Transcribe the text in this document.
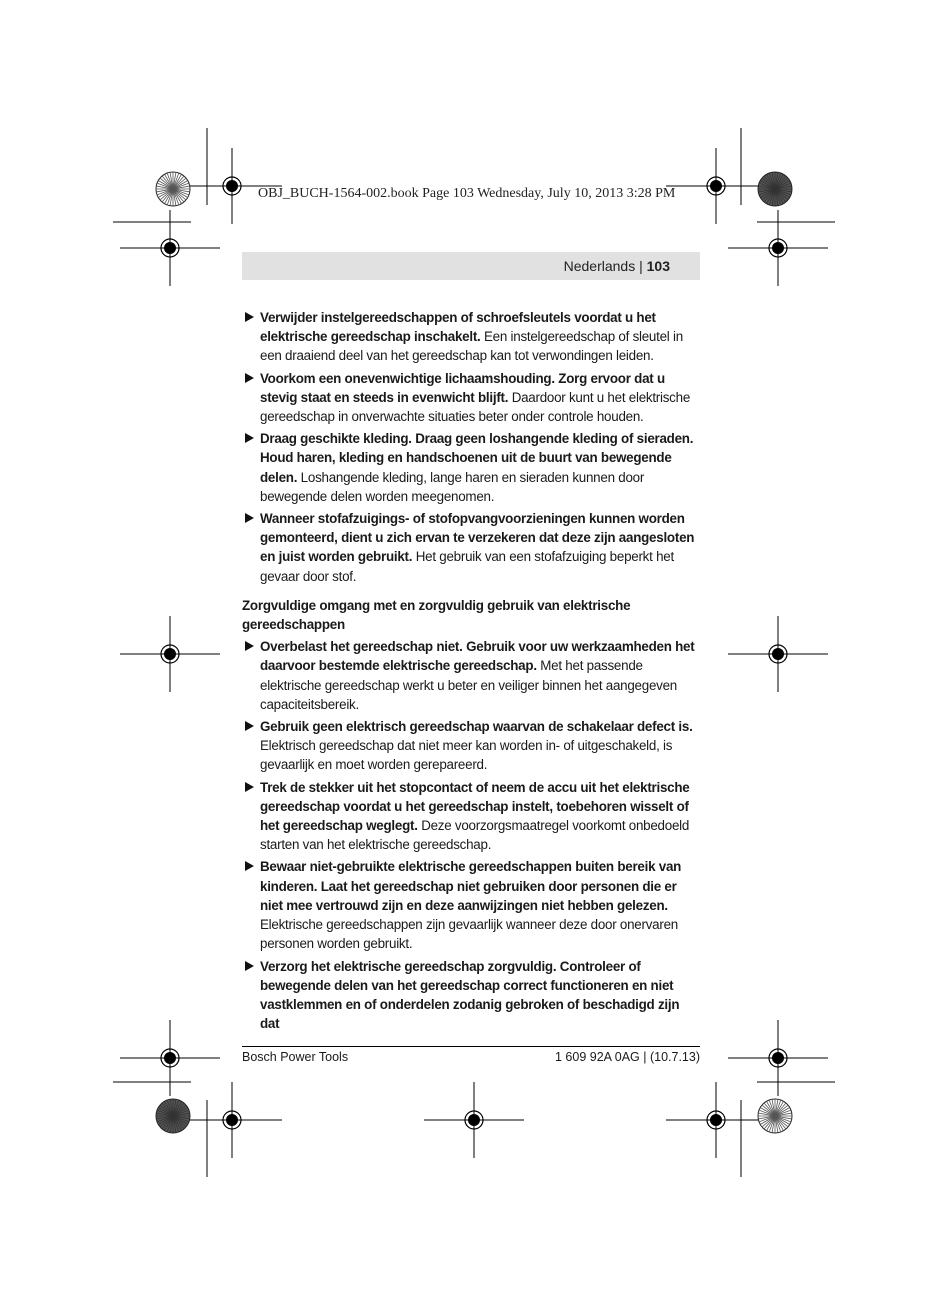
OBJ_BUCH-1564-002.book Page 103 Wednesday, July 10, 2013 3:28 PM
Nederlands | 103
Verwijder instelgereedschappen of schroefsleutels voordat u het elektrische gereedschap inschakelt. Een instelgereedschap of sleutel in een draaiend deel van het gereedschap kan tot verwondingen leiden.
Voorkom een onevenwichtige lichaamshouding. Zorg ervoor dat u stevig staat en steeds in evenwicht blijft. Daardoor kunt u het elektrische gereedschap in onverwachte situaties beter onder controle houden.
Draag geschikte kleding. Draag geen loshangende kleding of sieraden. Houd haren, kleding en handschoenen uit de buurt van bewegende delen. Loshangende kleding, lange haren en sieraden kunnen door bewegende delen worden meegenomen.
Wanneer stofafzuigings- of stofopvangvoorzieningen kunnen worden gemonteerd, dient u zich ervan te verzekeren dat deze zijn aangesloten en juist worden gebruikt. Het gebruik van een stofafzuiging beperkt het gevaar door stof.
Zorgvuldige omgang met en zorgvuldig gebruik van elektrische gereedschappen
Overbelast het gereedschap niet. Gebruik voor uw werkzaamheden het daarvoor bestemde elektrische gereedschap. Met het passende elektrische gereedschap werkt u beter en veiliger binnen het aangegeven capaciteitsbereik.
Gebruik geen elektrisch gereedschap waarvan de schakelaar defect is. Elektrisch gereedschap dat niet meer kan worden in- of uitgeschakeld, is gevaarlijk en moet worden gerepareerd.
Trek de stekker uit het stopcontact of neem de accu uit het elektrische gereedschap voordat u het gereedschap instelt, toebehoren wisselt of het gereedschap weglegt. Deze voorzorgsmaatregel voorkomt onbedoeld starten van het elektrische gereedschap.
Bewaar niet-gebruikte elektrische gereedschappen buiten bereik van kinderen. Laat het gereedschap niet gebruiken door personen die er niet mee vertrouwd zijn en deze aanwijzingen niet hebben gelezen. Elektrische gereedschappen zijn gevaarlijk wanneer deze door onervaren personen worden gebruikt.
Verzorg het elektrische gereedschap zorgvuldig. Controleer of bewegende delen van het gereedschap correct functioneren en niet vastklemmen en of onderdelen zodanig gebroken of beschadigd zijn dat
Bosch Power Tools	1 609 92A 0AG | (10.7.13)
